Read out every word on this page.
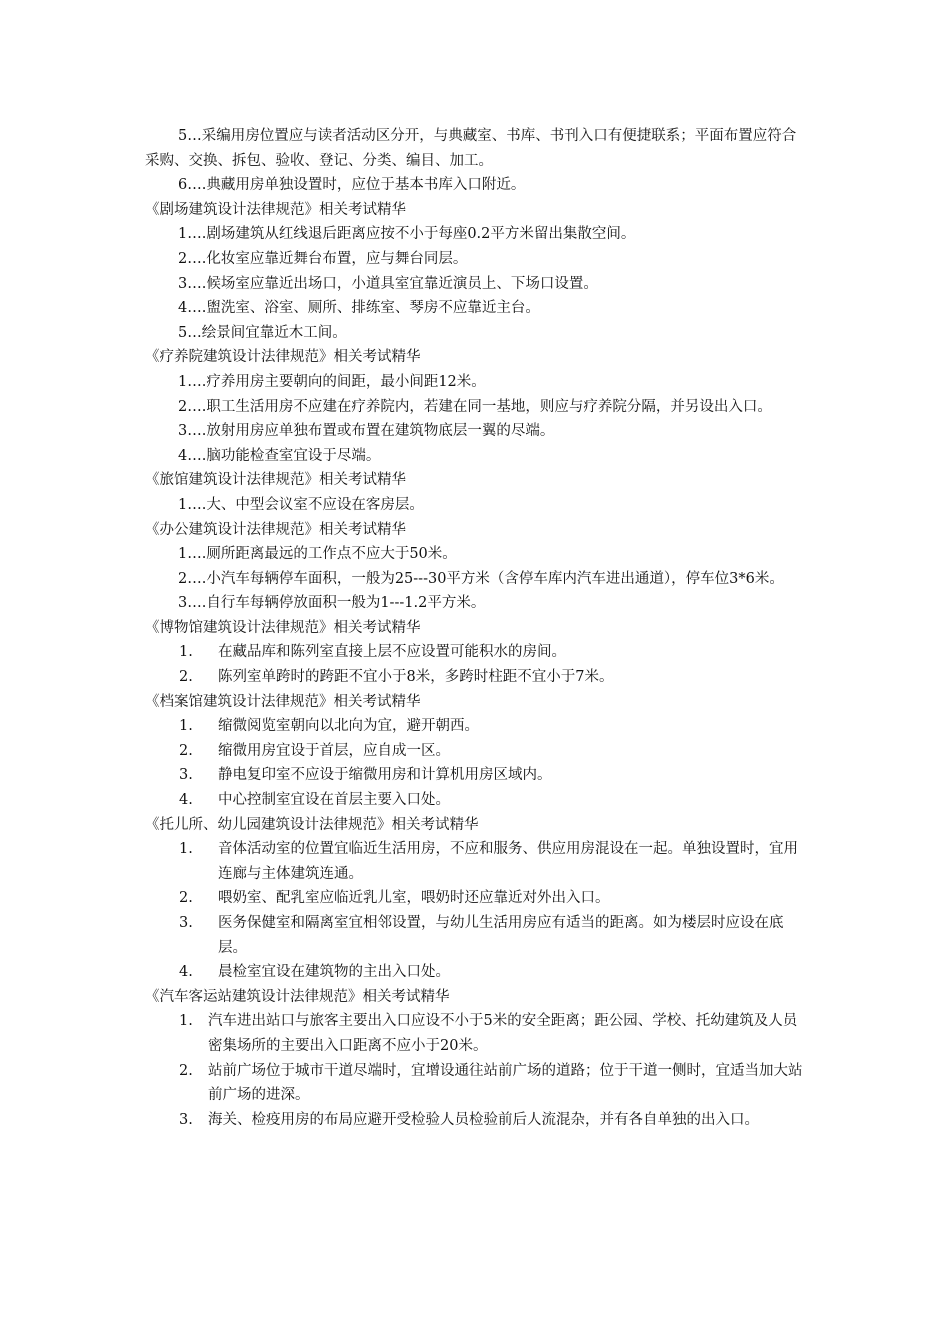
5…采编用房位置应与读者活动区分开，与典藏室、书库、书刊入口有便捷联系；平面布置应符合采购、交换、拆包、验收、登记、分类、编目、加工。

6….典藏用房单独设置时，应位于基本书库入口附近。

《剧场建筑设计法律规范》相关考试精华

1….剧场建筑从红线退后距离应按不小于每座0.2平方米留出集散空间。

2….化妆室应靠近舞台布置，应与舞台同层。

3….候场室应靠近出场口，小道具室宜靠近演员上、下场口设置。

4….盥洗室、浴室、厕所、排练室、琴房不应靠近主台。

5…绘景间宜靠近木工间。

《疗养院建筑设计法律规范》相关考试精华

1….疗养用房主要朝向的间距，最小间距12米。

2….职工生活用房不应建在疗养院内，若建在同一基地，则应与疗养院分隔，并另设出入口。

3….放射用房应单独布置或布置在建筑物底层一翼的尽端。

4….脑功能检查室宜设于尽端。

《旅馆建筑设计法律规范》相关考试精华

1….大、中型会议室不应设在客房层。

《办公建筑设计法律规范》相关考试精华

1….厕所距离最远的工作点不应大于50米。

2….小汽车每辆停车面积，一般为25---30平方米（含停车库内汽车进出通道），停车位3*6米。

3….自行车每辆停放面积一般为1---1.2平方米。

《博物馆建筑设计法律规范》相关考试精华

1.	在藏品库和陈列室直接上层不应设置可能积水的房间。
2.	陈列室单跨时的跨距不宜小于8米，多跨时柱距不宜小于7米。

《档案馆建筑设计法律规范》相关考试精华

1.	缩微阅览室朝向以北向为宜，避开朝西。
2.	缩微用房宜设于首层，应自成一区。
3.	静电复印室不应设于缩微用房和计算机用房区域内。
4.	中心控制室宜设在首层主要入口处。

《托儿所、幼儿园建筑设计法律规范》相关考试精华

1.	音体活动室的位置宜临近生活用房，不应和服务、供应用房混设在一起。单独设置时，宜用连廊与主体建筑连通。
2.	喂奶室、配乳室应临近乳儿室，喂奶时还应靠近对外出入口。
3.	医务保健室和隔离室宜相邻设置，与幼儿生活用房应有适当的距离。如为楼层时应设在底层。
4.	晨检室宜设在建筑物的主出入口处。

《汽车客运站建筑设计法律规范》相关考试精华

1.	汽车进出站口与旅客主要出入口应设不小于5米的安全距离；距公园、学校、托幼建筑及人员密集场所的主要出入口距离不应小于20米。
2.	站前广场位于城市干道尽端时，宜增设通往站前广场的道路；位于干道一侧时，宜适当加大站前广场的进深。
3.	海关、检疫用房的布局应避开受检验人员检验前后人流混杂，并有各自单独的出入口。
